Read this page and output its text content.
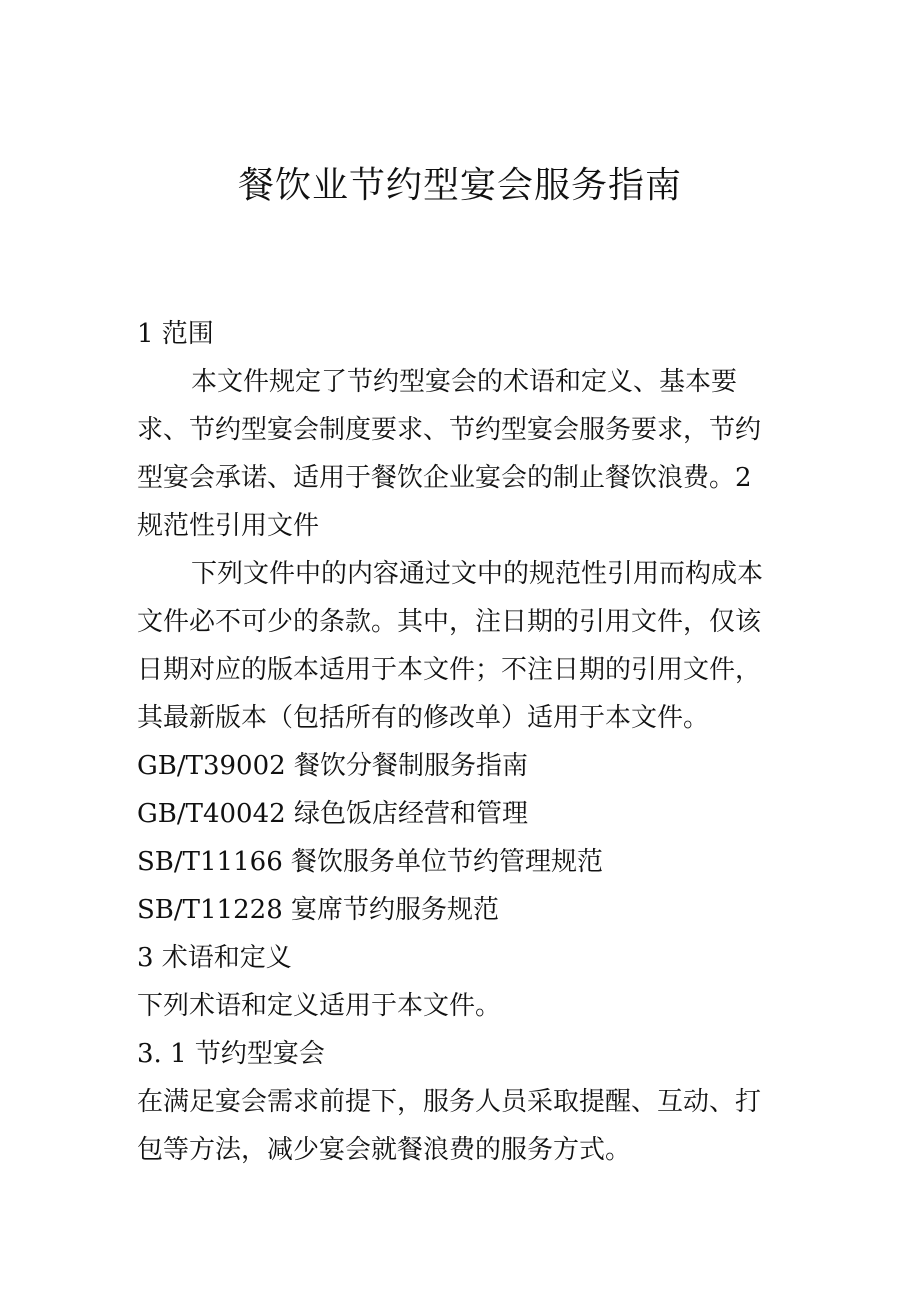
餐饮业节约型宴会服务指南
1 范围
本文件规定了节约型宴会的术语和定义、基本要
求、节约型宴会制度要求、节约型宴会服务要求，节约
型宴会承诺、适用于餐饮企业宴会的制止餐饮浪费。2
规范性引用文件
下列文件中的内容通过文中的规范性引用而构成本
文件必不可少的条款。其中，注日期的引用文件，仅该
日期对应的版本适用于本文件；不注日期的引用文件，
其最新版本（包括所有的修改单）适用于本文件。
GB/T39002 餐饮分餐制服务指南
GB/T40042 绿色饭店经营和管理
SB/T11166 餐饮服务单位节约管理规范
SB/T11228 宴席节约服务规范
3 术语和定义
下列术语和定义适用于本文件。
3. 1 节约型宴会
在满足宴会需求前提下，服务人员采取提醒、互动、打
包等方法，减少宴会就餐浪费的服务方式。
